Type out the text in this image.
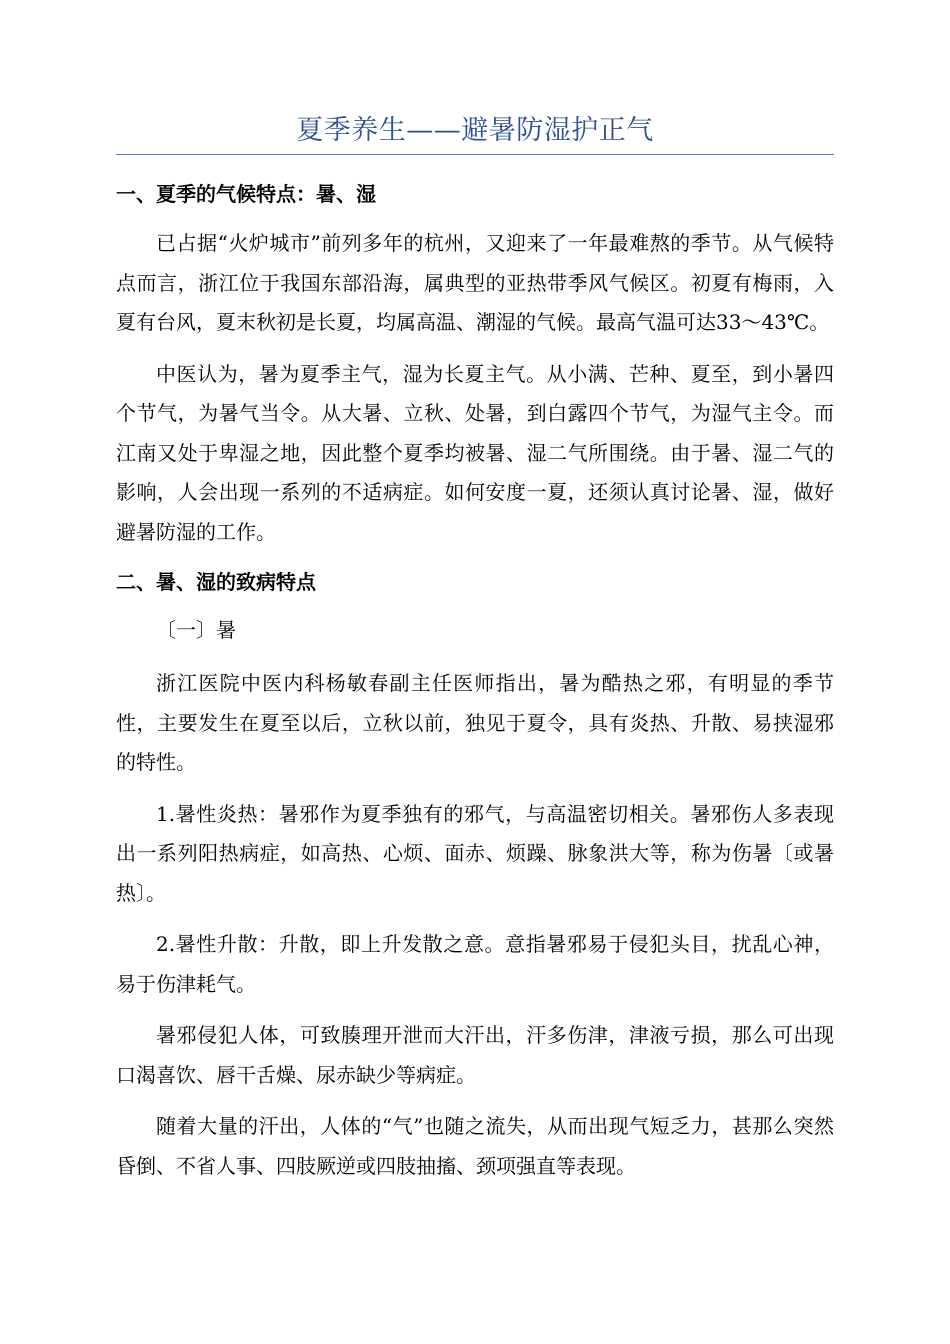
夏季养生——避暑防湿护正气
一、夏季的气候特点：暑、湿

已占据“火炉城市”前列多年的杭州，又迎来了一年最难熬的季节。从气候特点而言，浙江位于我国东部沿海，属典型的亚热带季风气候区。初夏有梅雨，入夏有台风，夏末秋初是长夏，均属高温、潮湿的气候。最高气温可达33～43℃。

中医认为，暑为夏季主气，湿为长夏主气。从小满、芒种、夏至，到小暑四个节气，为暑气当令。从大暑、立秋、处暑，到白露四个节气，为湿气主令。而江南又处于卑湿之地，因此整个夏季均被暑、湿二气所围绕。由于暑、湿二气的影响，人会出现一系列的不适病症。如何安度一夏，还须认真讨论暑、湿，做好避暑防湿的工作。

二、暑、湿的致病特点
〔一〕暑

浙江医院中医内科杨敏春副主任医师指出，暑为酷热之邪，有明显的季节性，主要发生在夏至以后，立秋以前，独见于夏令，具有炎热、升散、易挟湿邪的特性。

1.暑性炎热：暑邪作为夏季独有的邪气，与高温密切相关。暑邪伤人多表现出一系列阳热病症，如高热、心烦、面赤、烦躁、脉象洪大等，称为伤暑〔或暑热〕。

2.暑性升散：升散，即上升发散之意。意指暑邪易于侵犯头目，扰乱心神，易于伤津耗气。

暑邪侵犯人体，可致腠理开泄而大汗出，汗多伤津，津液亏损，那么可出现口渴喜饮、唇干舌燥、尿赤缺少等病症。

随着大量的汗出，人体的“气”也随之流失，从而出现气短乏力，甚那么突然昏倒、不省人事、四肢厥逆或四肢抽搐、颈项强直等表现。
